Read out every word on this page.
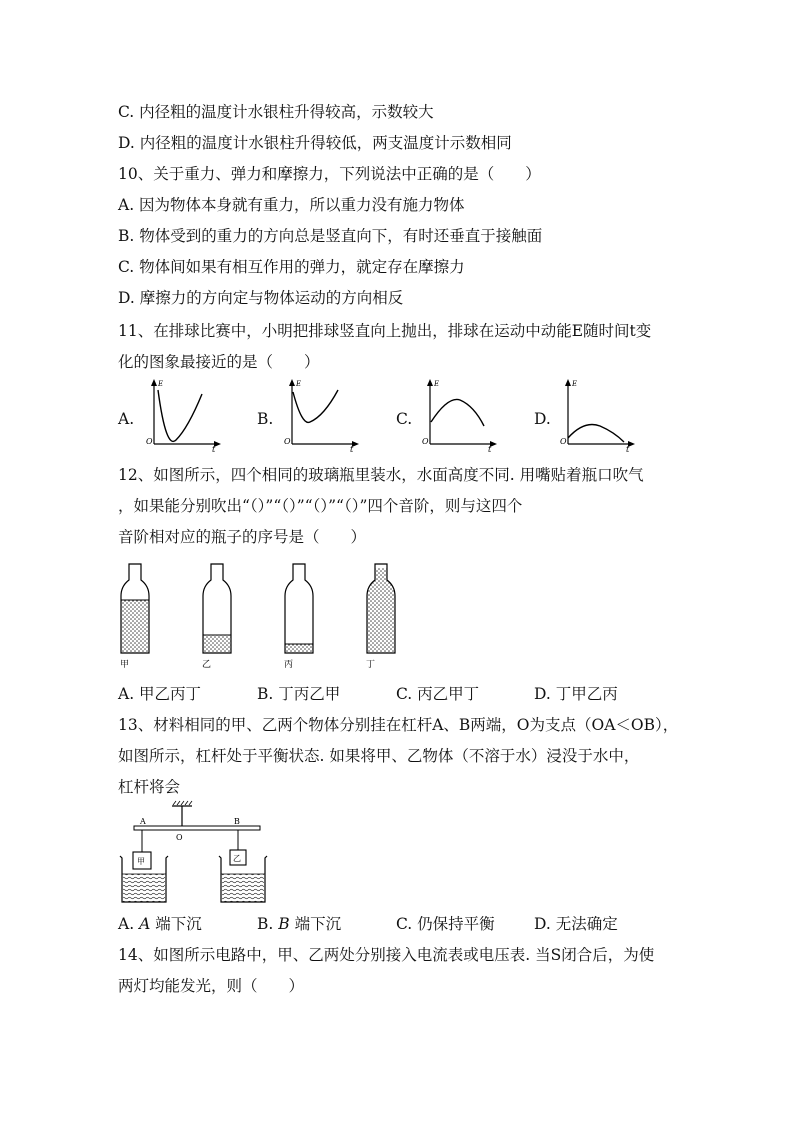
C. 内径粗的温度计水银柱升得较高，示数较大
D. 内径粗的温度计水银柱升得较低，两支温度计示数相同
10、关于重力、弹力和摩擦力，下列说法中正确的是（　　）
A. 因为物体本身就有重力，所以重力没有施力物体
B. 物体受到的重力的方向总是竖直向下，有时还垂直于接触面
C. 物体间如果有相互作用的弹力，就定存在摩擦力
D. 摩擦力的方向定与物体运动的方向相反
11、在排球比赛中，小明把排球竖直向上抛出，排球在运动中动能E随时间t变
化的图象最接近的是（　　）
A.	B.	C.	D.
E
O
t
E
O
t
E
O
t
E
O
t
12、如图所示，四个相同的玻璃瓶里装水，水面高度不同. 用嘴贴着瓶口吹气
，如果能分别吹出“（）”“（）”“（）”“（）”四个音阶，则与这四个
音阶相对应的瓶子的序号是（　　）
甲	乙	丙	丁
A. 甲乙丙丁	B. 丁丙乙甲	C. 丙乙甲丁	D. 丁甲乙丙
13、材料相同的甲、乙两个物体分别挂在杠杆A、B两端，O为支点（OA＜OB），
如图所示，杠杆处于平衡状态. 如果将甲、乙物体（不溶于水）浸没于水中，
杠杆将会
A	B
O
甲	乙
A. A 端下沉	B. B 端下沉	C. 仍保持平衡	D. 无法确定
14、如图所示电路中，甲、乙两处分别接入电流表或电压表. 当S闭合后，为使
两灯均能发光，则（　　）
